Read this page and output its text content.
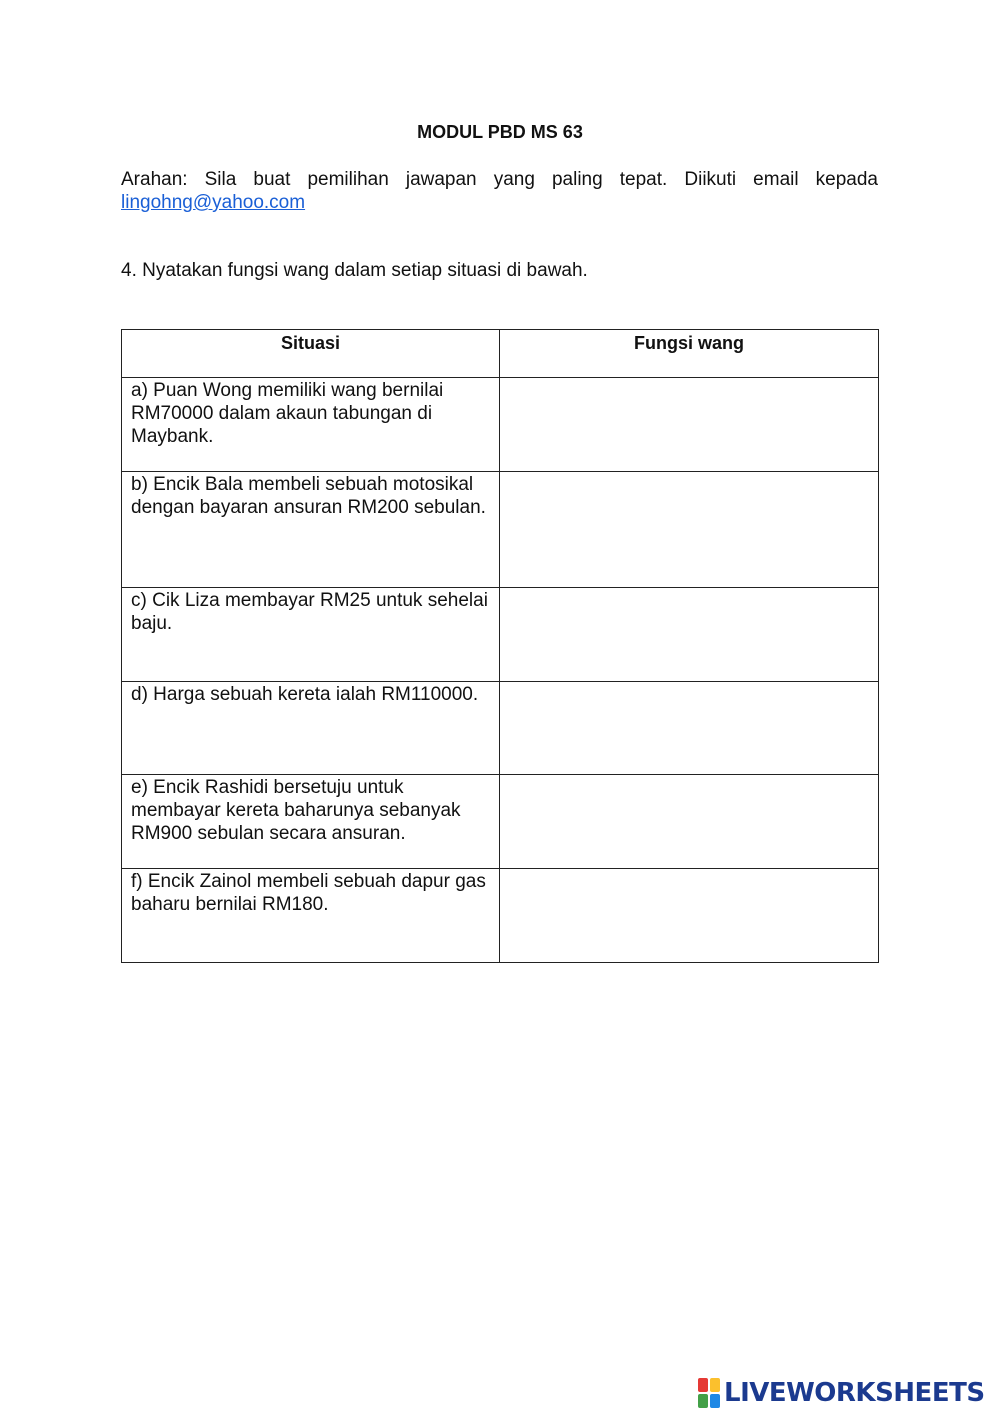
MODUL PBD MS 63
Arahan: Sila buat pemilihan jawapan yang paling tepat. Diikuti email kepada
lingohng@yahoo.com
4. Nyatakan fungsi wang dalam setiap situasi di bawah.
Situasi	Fungsi wang
a) Puan Wong memiliki wang bernilai RM70000 dalam akaun tabungan di Maybank.	
b) Encik Bala membeli sebuah motosikal dengan bayaran ansuran RM200 sebulan.	
c) Cik Liza membayar RM25 untuk sehelai baju.	
d) Harga sebuah kereta ialah RM110000.	
e) Encik Rashidi bersetuju untuk membayar kereta baharunya sebanyak RM900 sebulan secara ansuran.	
f) Encik Zainol membeli sebuah dapur gas baharu bernilai RM180.	
LIVEWORKSHEETS
